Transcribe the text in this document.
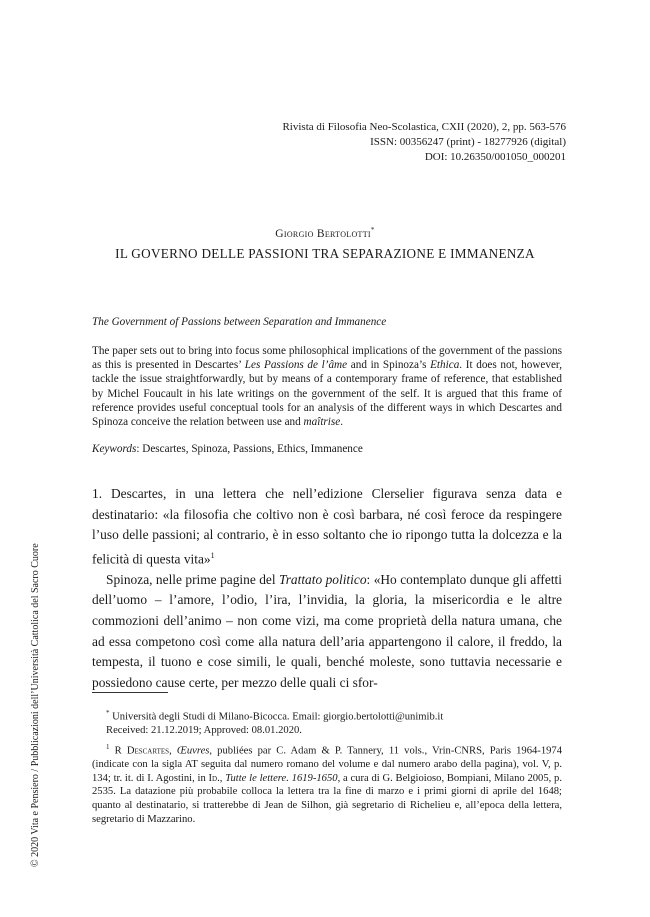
Rivista di Filosofia Neo-Scolastica, CXII (2020), 2, pp. 563-576
ISSN: 00356247 (print) - 18277926 (digital)
DOI: 10.26350/001050_000201
Giorgio Bertolotti*
IL GOVERNO DELLE PASSIONI TRA SEPARAZIONE E IMMANENZA
The Government of Passions between Separation and Immanence
The paper sets out to bring into focus some philosophical implications of the government of the passions as this is presented in Descartes’ Les Passions de l’âme and in Spinoza’s Ethica. It does not, however, tackle the issue straightforwardly, but by means of a contemporary frame of reference, that established by Michel Foucault in his late writings on the government of the self. It is argued that this frame of reference provides useful conceptual tools for an analysis of the different ways in which Descartes and Spinoza conceive the relation between use and maîtrise.
Keywords: Descartes, Spinoza, Passions, Ethics, Immanence

1. Descartes, in una lettera che nell’edizione Clerselier figurava senza data e destinatario: «la filosofia che coltivo non è così barbara, né così feroce da respingere l’uso delle passioni; al contrario, è in esso soltanto che io ripongo tutta la dolcezza e la felicità di questa vita»$^1$

Spinoza, nelle prime pagine del Trattato politico: «Ho contemplato dunque gli affetti dell’uomo – l’amore, l’odio, l’ira, l’invidia, la gloria, la misericordia e le altre commozioni dell’animo – non come vizi, ma come proprietà della natura umana, che ad essa competono così come alla natura dell’aria appartengono il calore, il freddo, la tempesta, il tuono e cose simili, le quali, benché moleste, sono tuttavia necessarie e possiedono cause certe, per mezzo delle quali ci sfor-

* Università degli Studi di Milano-Bicocca. Email: giorgio.bertolotti@unimib.it
Received: 21.12.2019; Approved: 08.01.2020.
$^1$ R Descartes, Œuvres, publiées par C. Adam & P. Tannery, 11 vols., Vrin-CNRS, Paris 1964-1974 (indicate con la sigla AT seguita dal numero romano del volume e dal numero arabo della pagina), vol. V, p. 134; tr. it. di I. Agostini, in Id., Tutte le lettere. 1619-1650, a cura di G. Belgioioso, Bompiani, Milano 2005, p. 2535. La datazione più probabile colloca la lettera tra la fine di marzo e i primi giorni di aprile del 1648; quanto al destinatario, si tratterebbe di Jean de Silhon, già segretario di Richelieu e, all’epoca della lettera, segretario di Mazzarino.
© 2020 Vita e Pensiero / Pubblicazioni dell’Università Cattolica del Sacro Cuore
